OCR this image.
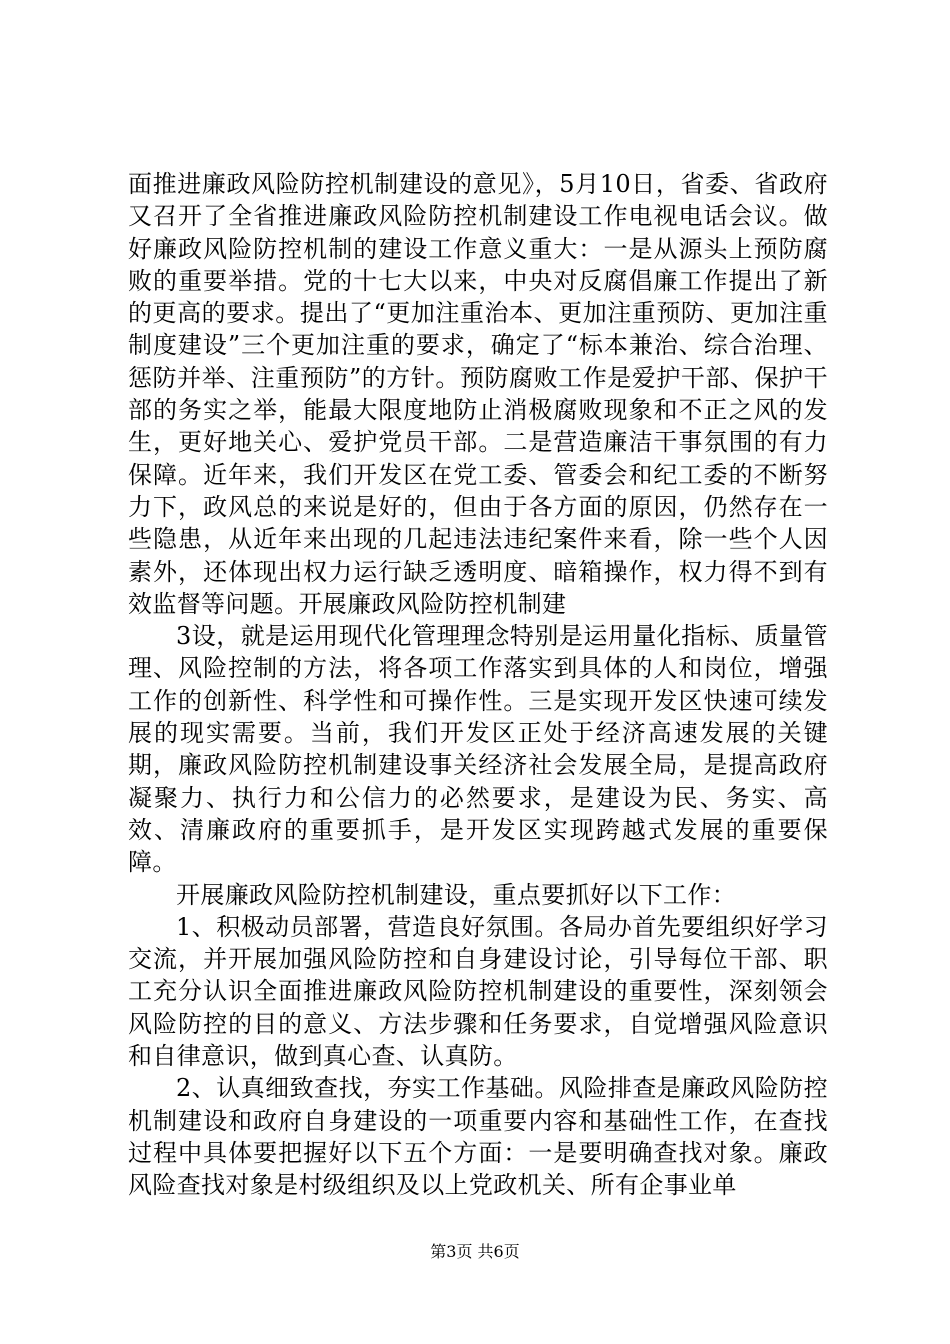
面推进廉政风险防控机制建设的意见》，5月10日，省委、省政府又召开了全省推进廉政风险防控机制建设工作电视电话会议。做好廉政风险防控机制的建设工作意义重大：一是从源头上预防腐败的重要举措。党的十七大以来，中央对反腐倡廉工作提出了新的更高的要求。提出了“更加注重治本、更加注重预防、更加注重制度建设”三个更加注重的要求，确定了“标本兼治、综合治理、惩防并举、注重预防”的方针。预防腐败工作是爱护干部、保护干部的务实之举，能最大限度地防止消极腐败现象和不正之风的发生，更好地关心、爱护党员干部。二是营造廉洁干事氛围的有力保障。近年来，我们开发区在党工委、管委会和纪工委的不断努力下，政风总的来说是好的，但由于各方面的原因，仍然存在一些隐患，从近年来出现的几起违法违纪案件来看，除一些个人因素外，还体现出权力运行缺乏透明度、暗箱操作，权力得不到有效监督等问题。开展廉政风险防控机制建

3设，就是运用现代化管理理念特别是运用量化指标、质量管理、风险控制的方法，将各项工作落实到具体的人和岗位，增强工作的创新性、科学性和可操作性。三是实现开发区快速可续发展的现实需要。当前，我们开发区正处于经济高速发展的关键期，廉政风险防控机制建设事关经济社会发展全局，是提高政府凝聚力、执行力和公信力的必然要求，是建设为民、务实、高效、清廉政府的重要抓手，是开发区实现跨越式发展的重要保障。

开展廉政风险防控机制建设，重点要抓好以下工作：

1、积极动员部署，营造良好氛围。各局办首先要组织好学习交流，并开展加强风险防控和自身建设讨论，引导每位干部、职工充分认识全面推进廉政风险防控机制建设的重要性，深刻领会风险防控的目的意义、方法步骤和任务要求，自觉增强风险意识和自律意识，做到真心查、认真防。

2、认真细致查找，夯实工作基础。风险排查是廉政风险防控机制建设和政府自身建设的一项重要内容和基础性工作，在查找过程中具体要把握好以下五个方面：一是要明确查找对象。廉政风险查找对象是村级组织及以上党政机关、所有企事业单

第3页 共6页
